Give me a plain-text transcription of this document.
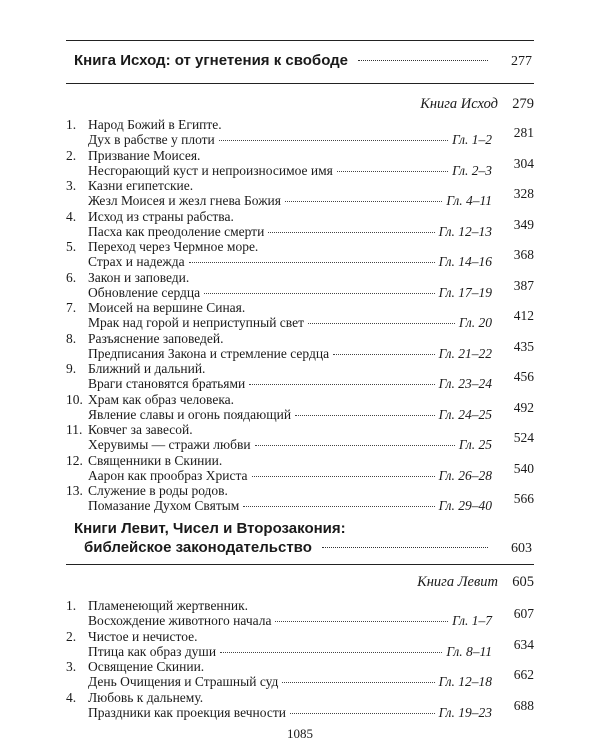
Книга Исход: от угнетения к свободе	277
Книга Исход 279
1. Народ Божий в Египте.
Дух в рабстве у плоти	Гл. 1–2	281
2. Призвание Моисея.
Несгорающий куст и непроизносимое имя	Гл. 2–3	304
3. Казни египетские.
Жезл Моисея и жезл гнева Божия	Гл. 4–11	328
4. Исход из страны рабства.
Пасха как преодоление смерти	Гл. 12–13	349
5. Переход через Чермное море.
Страх и надежда	Гл. 14–16	368
6. Закон и заповеди.
Обновление сердца	Гл. 17–19	387
7. Моисей на вершине Синая.
Мрак над горой и неприступный свет	Гл. 20	412
8. Разъяснение заповедей.
Предписания Закона и стремление сердца	Гл. 21–22	435
9. Ближний и дальний.
Враги становятся братьями	Гл. 23–24	456
10. Храм как образ человека.
Явление славы и огонь поядающий	Гл. 24–25	492
11. Ковчег за завесой.
Херувимы — стражи любви	Гл. 25	524
12. Священники в Скинии.
Аарон как прообраз Христа	Гл. 26–28	540
13. Служение в роды родов.
Помазание Духом Святым	Гл. 29–40	566
Книги Левит, Чисел и Второзакония:
библейское законодательство	603
Книга Левит 605
1. Пламенеющий жертвенник.
Восхождение животного начала	Гл. 1–7	607
2. Чистое и нечистое.
Птица как образ души	Гл. 8–11	634
3. Освящение Скинии.
День Очищения и Страшный суд	Гл. 12–18	662
4. Любовь к дальнему.
Праздники как проекция вечности	Гл. 19–23	688
1085
